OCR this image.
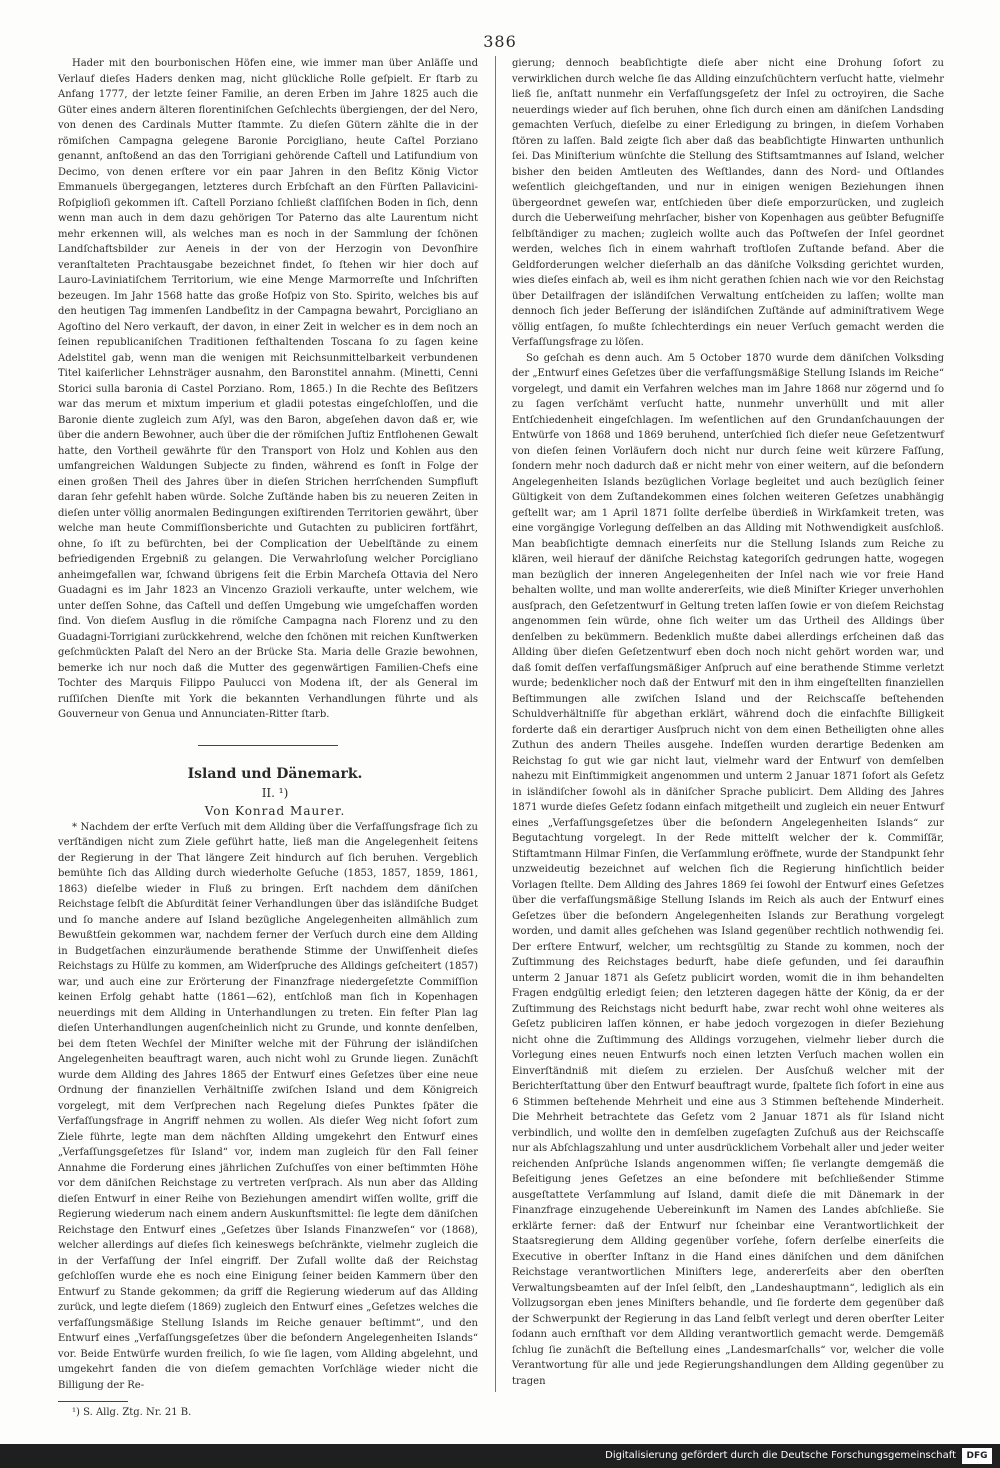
386

Hader mit den bourbonischen Höfen eine, wie immer man über Anläſſe und Verlauf dieſes Haders denken mag, nicht glückliche Rolle geſpielt. Er ſtarb zu Anfang 1777, der letzte ſeiner Familie, an deren Erben im Jahre 1825 auch die Güter eines andern älteren florentiniſchen Geſchlechts übergiengen, der del Nero, von denen des Cardinals Mutter ſtammte. Zu dieſen Gütern zählte die in der römiſchen Campagna gelegene Baronie Porcigliano, heute Caſtel Porziano genannt, anſtoßend an das den Torrigiani gehörende Caſtell und Latifundium von Decimo, von denen erſtere vor ein paar Jahren in den Beſitz König Victor Emmanuels übergegangen, letzteres durch Erbſchaft an den Fürſten Pallavicini-Roſpiglioſi gekommen iſt. Caſtell Porziano ſchließt claſſiſchen Boden in ſich, denn wenn man auch in dem dazu gehörigen Tor Paterno das alte Laurentum nicht mehr erkennen will, als welches man es noch in der Sammlung der ſchönen Landſchaftsbilder zur Aeneis in der von der Herzogin von Devonſhire veranſtalteten Prachtausgabe bezeichnet findet, ſo ſtehen wir hier doch auf Lauro-Laviniatiſchem Territorium, wie eine Menge Marmorreſte und Inſchriften bezeugen. Im Jahr 1568 hatte das große Hoſpiz von Sto. Spirito, welches bis auf den heutigen Tag immenſen Landbeſitz in der Campagna bewahrt, Porcigliano an Agoſtino del Nero verkauft, der davon, in einer Zeit in welcher es in dem noch an ſeinen republicaniſchen Traditionen feſthaltenden Toscana ſo zu ſagen keine Adelstitel gab, wenn man die wenigen mit Reichsunmittelbarkeit verbundenen Titel kaiſerlicher Lehnsträger ausnahm, den Baronstitel annahm. (Minetti, Cenni Storici sulla baronia di Castel Porziano. Rom, 1865.) In die Rechte des Beſitzers war das merum et mixtum imperium et gladii potestas eingeſchloſſen, und die Baronie diente zugleich zum Aſyl, was den Baron, abgeſehen davon daß er, wie über die andern Bewohner, auch über die der römiſchen Juſtiz Entflohenen Gewalt hatte, den Vortheil gewährte für den Transport von Holz und Kohlen aus den umfangreichen Waldungen Subjecte zu finden, während es ſonſt in Folge der einen großen Theil des Jahres über in dieſen Strichen herrſchenden Sumpfluft daran ſehr gefehlt haben würde. Solche Zuſtände haben bis zu neueren Zeiten in dieſen unter völlig anormalen Bedingungen exiſtirenden Territorien gewährt, über welche man heute Commiſſionsberichte und Gutachten zu publiciren fortfährt, ohne, ſo iſt zu befürchten, bei der Complication der Uebelſtände zu einem befriedigenden Ergebniß zu gelangen. Die Verwahrloſung welcher Porcigliano anheimgefallen war, ſchwand übrigens ſeit die Erbin Marcheſa Ottavia del Nero Guadagni es im Jahr 1823 an Vincenzo Grazioli verkaufte, unter welchem, wie unter deſſen Sohne, das Caſtell und deſſen Umgebung wie umgeſchaffen worden ſind. Von dieſem Ausflug in die römiſche Campagna nach Florenz und zu den Guadagni-Torrigiani zurückkehrend, welche den ſchönen mit reichen Kunſtwerken geſchmückten Palaſt del Nero an der Brücke Sta. Maria delle Grazie bewohnen, bemerke ich nur noch daß die Mutter des gegenwärtigen Familien-Chefs eine Tochter des Marquis Filippo Paulucci von Modena iſt, der als General im ruſſiſchen Dienſte mit York die bekannten Verhandlungen führte und als Gouverneur von Genua und Annunciaten-Ritter ſtarb.

Island und Dänemark.

II. ¹)

Von Konrad Maurer.

* Nachdem der erſte Verſuch mit dem Allding über die Verfaſſungsfrage ſich zu verſtändigen nicht zum Ziele geführt hatte, ließ man die Angelegenheit ſeitens der Regierung in der That längere Zeit hindurch auf ſich beruhen. Vergeblich bemühte ſich das Allding durch wiederholte Geſuche (1853, 1857, 1859, 1861, 1863) dieſelbe wieder in Fluß zu bringen. Erſt nachdem dem däniſchen Reichstage ſelbſt die Abſurdität ſeiner Verhandlungen über das isländiſche Budget und ſo manche andere auf Island bezügliche Angelegenheiten allmählich zum Bewußtſein gekommen war, nachdem ferner der Verſuch durch eine dem Allding in Budgetſachen einzuräumende berathende Stimme der Unwiſſenheit dieſes Reichstags zu Hülfe zu kommen, am Widerſpruche des Alldings geſcheitert (1857) war, und auch eine zur Erörterung der Finanzfrage niedergeſetzte Commiſſion keinen Erfolg gehabt hatte (1861—62), entſchloß man ſich in Kopenhagen neuerdings mit dem Allding in Unterhandlungen zu treten. Ein feſter Plan lag dieſen Unterhandlungen augenſcheinlich nicht zu Grunde, und konnte denſelben, bei dem ſteten Wechſel der Miniſter welche mit der Führung der isländiſchen Angelegenheiten beauftragt waren, auch nicht wohl zu Grunde liegen. Zunächſt wurde dem Allding des Jahres 1865 der Entwurf eines Geſetzes über eine neue Ordnung der finanziellen Verhältniſſe zwiſchen Island und dem Königreich vorgelegt, mit dem Verſprechen nach Regelung dieſes Punktes ſpäter die Verfaſſungsfrage in Angriff nehmen zu wollen. Als dieſer Weg nicht ſofort zum Ziele führte, legte man dem nächſten Allding umgekehrt den Entwurf eines „Verfaſſungsgeſetzes für Island“ vor, indem man zugleich für den Fall ſeiner Annahme die Forderung eines jährlichen Zuſchuſſes von einer beſtimmten Höhe vor dem däniſchen Reichstage zu vertreten verſprach. Als nun aber das Allding dieſen Entwurf in einer Reihe von Beziehungen amendirt wiſſen wollte, griff die Regierung wiederum nach einem andern Auskunftsmittel: ſie legte dem däniſchen Reichstage den Entwurf eines „Geſetzes über Islands Finanzweſen“ vor (1868), welcher allerdings auf dieſes ſich keineswegs beſchränkte, vielmehr zugleich die in der Verfaſſung der Inſel eingriff. Der Zufall wollte daß der Reichstag geſchloſſen wurde ehe es noch eine Einigung ſeiner beiden Kammern über den Entwurf zu Stande gekommen; da griff die Regierung wiederum auf das Allding zurück, und legte dieſem (1869) zugleich den Entwurf eines „Geſetzes welches die verfaſſungsmäßige Stellung Islands im Reiche genauer beſtimmt“, und den Entwurf eines „Verfaſſungsgeſetzes über die beſondern Angelegenheiten Islands“ vor. Beide Entwürfe wurden freilich, ſo wie ſie lagen, vom Allding abgelehnt, und umgekehrt fanden die von dieſem gemachten Vorſchläge wieder nicht die Billigung der Re-

¹) S. Allg. Ztg. Nr. 21 B.

gierung; dennoch beabſichtigte dieſe aber nicht eine Drohung ſofort zu verwirklichen durch welche ſie das Allding einzuſchüchtern verſucht hatte, vielmehr ließ ſie, anſtatt nunmehr ein Verfaſſungsgeſetz der Inſel zu octroyiren, die Sache neuerdings wieder auf ſich beruhen, ohne ſich durch einen am däniſchen Landsding gemachten Verſuch, dieſelbe zu einer Erledigung zu bringen, in dieſem Vorhaben ſtören zu laſſen. Bald zeigte ſich aber daß das beabſichtigte Hinwarten unthunlich ſei. Das Miniſterium wünſchte die Stellung des Stiftsamtmannes auf Island, welcher bisher den beiden Amtleuten des Weſtlandes, dann des Nord- und Oſtlandes weſentlich gleichgeſtanden, und nur in einigen wenigen Beziehungen ihnen übergeordnet geweſen war, entſchieden über dieſe emporzurücken, und zugleich durch die Ueberweiſung mehrſacher, bisher von Kopenhagen aus geübter Befugniſſe ſelbſtändiger zu machen; zugleich wollte auch das Poſtweſen der Inſel geordnet werden, welches ſich in einem wahrhaft troſtloſen Zuſtande befand. Aber die Geldforderungen welcher dieſerhalb an das däniſche Volksding gerichtet wurden, wies dieſes einfach ab, weil es ihm nicht gerathen ſchien nach wie vor den Reichstag über Detailfragen der isländiſchen Verwaltung entſcheiden zu laſſen; wollte man dennoch ſich jeder Beſſerung der isländiſchen Zuſtände auf adminiſtrativem Wege völlig entſagen, ſo mußte ſchlechterdings ein neuer Verſuch gemacht werden die Verfaſſungsfrage zu löſen.

So geſchah es denn auch. Am 5 October 1870 wurde dem däniſchen Volksding der „Entwurf eines Geſetzes über die verfaſſungsmäßige Stellung Islands im Reiche“ vorgelegt, und damit ein Verfahren welches man im Jahre 1868 nur zögernd und ſo zu ſagen verſchämt verſucht hatte, nunmehr unverhüllt und mit aller Entſchiedenheit eingeſchlagen. Im weſentlichen auf den Grundanſchauungen der Entwürfe von 1868 und 1869 beruhend, unterſchied ſich dieſer neue Geſetzentwurf von dieſen ſeinen Vorläufern doch nicht nur durch ſeine weit kürzere Faſſung, ſondern mehr noch dadurch daß er nicht mehr von einer weitern, auf die beſondern Angelegenheiten Islands bezüglichen Vorlage begleitet und auch bezüglich ſeiner Gültigkeit von dem Zuſtandekommen eines ſolchen weiteren Geſetzes unabhängig geſtellt war; am 1 April 1871 ſollte derſelbe überdieß in Wirkſamkeit treten, was eine vorgängige Vorlegung deſſelben an das Allding mit Nothwendigkeit ausſchloß. Man beabſichtigte demnach einerſeits nur die Stellung Islands zum Reiche zu klären, weil hierauf der däniſche Reichstag kategoriſch gedrungen hatte, wogegen man bezüglich der inneren Angelegenheiten der Inſel nach wie vor freie Hand behalten wollte, und man wollte andererſeits, wie dieß Miniſter Krieger unverhohlen ausſprach, den Geſetzentwurf in Geltung treten laſſen ſowie er von dieſem Reichstag angenommen ſein würde, ohne ſich weiter um das Urtheil des Alldings über denſelben zu bekümmern. Bedenklich mußte dabei allerdings erſcheinen daß das Allding über dieſen Geſetzentwurf eben doch noch nicht gehört worden war, und daß ſomit deſſen verfaſſungsmäßiger Anſpruch auf eine berathende Stimme verletzt wurde; bedenklicher noch daß der Entwurf mit den in ihm eingeſtellten finanziellen Beſtimmungen alle zwiſchen Island und der Reichscaſſe beſtehenden Schuldverhältniſſe für abgethan erklärt, während doch die einfachſte Billigkeit forderte daß ein derartiger Ausſpruch nicht von dem einen Betheiligten ohne alles Zuthun des andern Theiles ausgehe. Indeſſen wurden derartige Bedenken am Reichstag ſo gut wie gar nicht laut, vielmehr ward der Entwurf von demſelben nahezu mit Einſtimmigkeit angenommen und unterm 2 Januar 1871 ſofort als Geſetz in isländiſcher ſowohl als in däniſcher Sprache publicirt. Dem Allding des Jahres 1871 wurde dieſes Geſetz ſodann einfach mitgetheilt und zugleich ein neuer Entwurf eines „Verfaſſungsgeſetzes über die beſondern Angelegenheiten Islands“ zur Begutachtung vorgelegt. In der Rede mittelſt welcher der k. Commiſſär, Stiftamtmann Hilmar Finſen, die Verſammlung eröffnete, wurde der Standpunkt ſehr unzweideutig bezeichnet auf welchen ſich die Regierung hinſichtlich beider Vorlagen ſtellte. Dem Allding des Jahres 1869 ſei ſowohl der Entwurf eines Geſetzes über die verfaſſungsmäßige Stellung Islands im Reich als auch der Entwurf eines Geſetzes über die beſondern Angelegenheiten Islands zur Berathung vorgelegt worden, und damit alles geſchehen was Island gegenüber rechtlich nothwendig ſei. Der erſtere Entwurf, welcher, um rechtsgültig zu Stande zu kommen, noch der Zuſtimmung des Reichstages bedurft, habe dieſe gefunden, und ſei daraufhin unterm 2 Januar 1871 als Geſetz publicirt worden, womit die in ihm behandelten Fragen endgültig erledigt ſeien; den letzteren dagegen hätte der König, da er der Zuſtimmung des Reichstags nicht bedurft habe, zwar recht wohl ohne weiteres als Geſetz publiciren laſſen können, er habe jedoch vorgezogen in dieſer Beziehung nicht ohne die Zuſtimmung des Alldings vorzugehen, vielmehr lieber durch die Vorlegung eines neuen Entwurfs noch einen letzten Verſuch machen wollen ein Einverſtändniß mit dieſem zu erzielen. Der Ausſchuß welcher mit der Berichterſtattung über den Entwurf beauftragt wurde, ſpaltete ſich ſofort in eine aus 6 Stimmen beſtehende Mehrheit und eine aus 3 Stimmen beſtehende Minderheit. Die Mehrheit betrachtete das Geſetz vom 2 Januar 1871 als für Island nicht verbindlich, und wollte den in demſelben zugeſagten Zuſchuß aus der Reichscaſſe nur als Abſchlagszahlung und unter ausdrücklichem Vorbehalt aller und jeder weiter reichenden Anſprüche Islands angenommen wiſſen; ſie verlangte demgemäß die Beſeitigung jenes Geſetzes an eine beſondere mit beſchließender Stimme ausgeſtattete Verſammlung auf Island, damit dieſe die mit Dänemark in der Finanzfrage einzugehende Uebereinkunft im Namen des Landes abſchließe. Sie erklärte ferner: daß der Entwurf nur ſcheinbar eine Verantwortlichkeit der Staatsregierung dem Allding gegenüber vorſehe, ſofern derſelbe einerſeits die Executive in oberſter Inſtanz in die Hand eines däniſchen und dem däniſchen Reichstage verantwortlichen Miniſters lege, andererſeits aber den oberſten Verwaltungsbeamten auf der Inſel ſelbſt, den „Landeshauptmann“, lediglich als ein Vollzugsorgan eben jenes Miniſters behandle, und ſie forderte dem gegenüber daß der Schwerpunkt der Regierung in das Land ſelbſt verlegt und deren oberſter Leiter ſodann auch ernſthaft vor dem Allding verantwortlich gemacht werde. Demgemäß ſchlug ſie zunächſt die Beſtellung eines „Landesmarſchalls“ vor, welcher die volle Verantwortung für alle und jede Regierungshandlungen dem Allding gegenüber zu tragen

Digitalisierung gefördert durch die Deutsche Forschungsgemeinschaft	DFG
